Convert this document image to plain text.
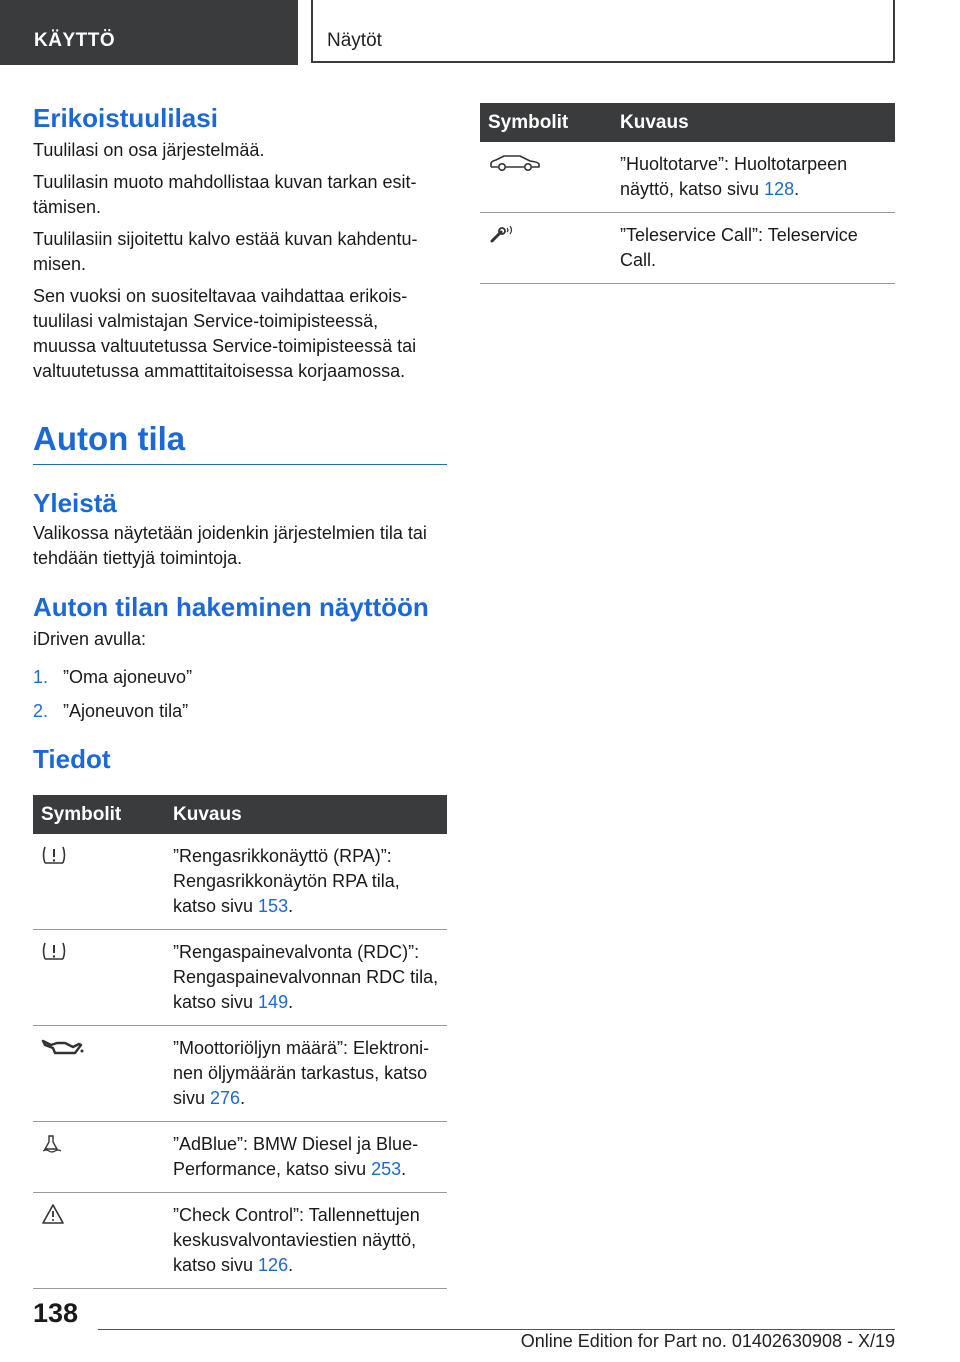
KÄYTTÖ	Näytöt
Erikoistuulilasi

Tuulilasi on osa järjestelmää.

Tuulilasin muoto mahdollistaa kuvan tarkan esit-
tämisen.

Tuulilasiin sijoitettu kalvo estää kuvan kahdentu-
misen.

Sen vuoksi on suositeltavaa vaihdattaa erikois-
tuulilasi valmistajan Service-toimipisteessä,
muussa valtuutetussa Service-toimipisteessä tai
valtuutetussa ammattitaitoisessa korjaamossa.

Auton tila
Yleistä

Valikossa näytetään joidenkin järjestelmien tila tai
tehdään tiettyjä toimintoja.

Auton tilan hakeminen näyttöön

iDriven avulla:

1. ”Oma ajoneuvo”
2. ”Ajoneuvon tila”
Tiedot
Symbolit	Kuvaus

	”Rengasrikkonäyttö (RPA)”:
Rengasrikkonäytön RPA tila,
katso sivu 153.

	”Rengaspainevalvonta (RDC)”:
Rengaspainevalvonnan RDC tila,
katso sivu 149.

	”Moottoriöljyn määrä”: Elektroni-
nen öljymäärän tarkastus, katso
sivu 276.

	”AdBlue”: BMW Diesel ja Blue-
Performance, katso sivu 253.

	”Check Control”: Tallennettujen
keskusvalvontaviestien näyttö,
katso sivu 126.
Symbolit	Kuvaus

	”Huoltotarve”: Huoltotarpeen
näyttö, katso sivu 128.

	”Teleservice Call”: Teleservice
Call.
138
Online Edition for Part no. 01402630908 - X/19
